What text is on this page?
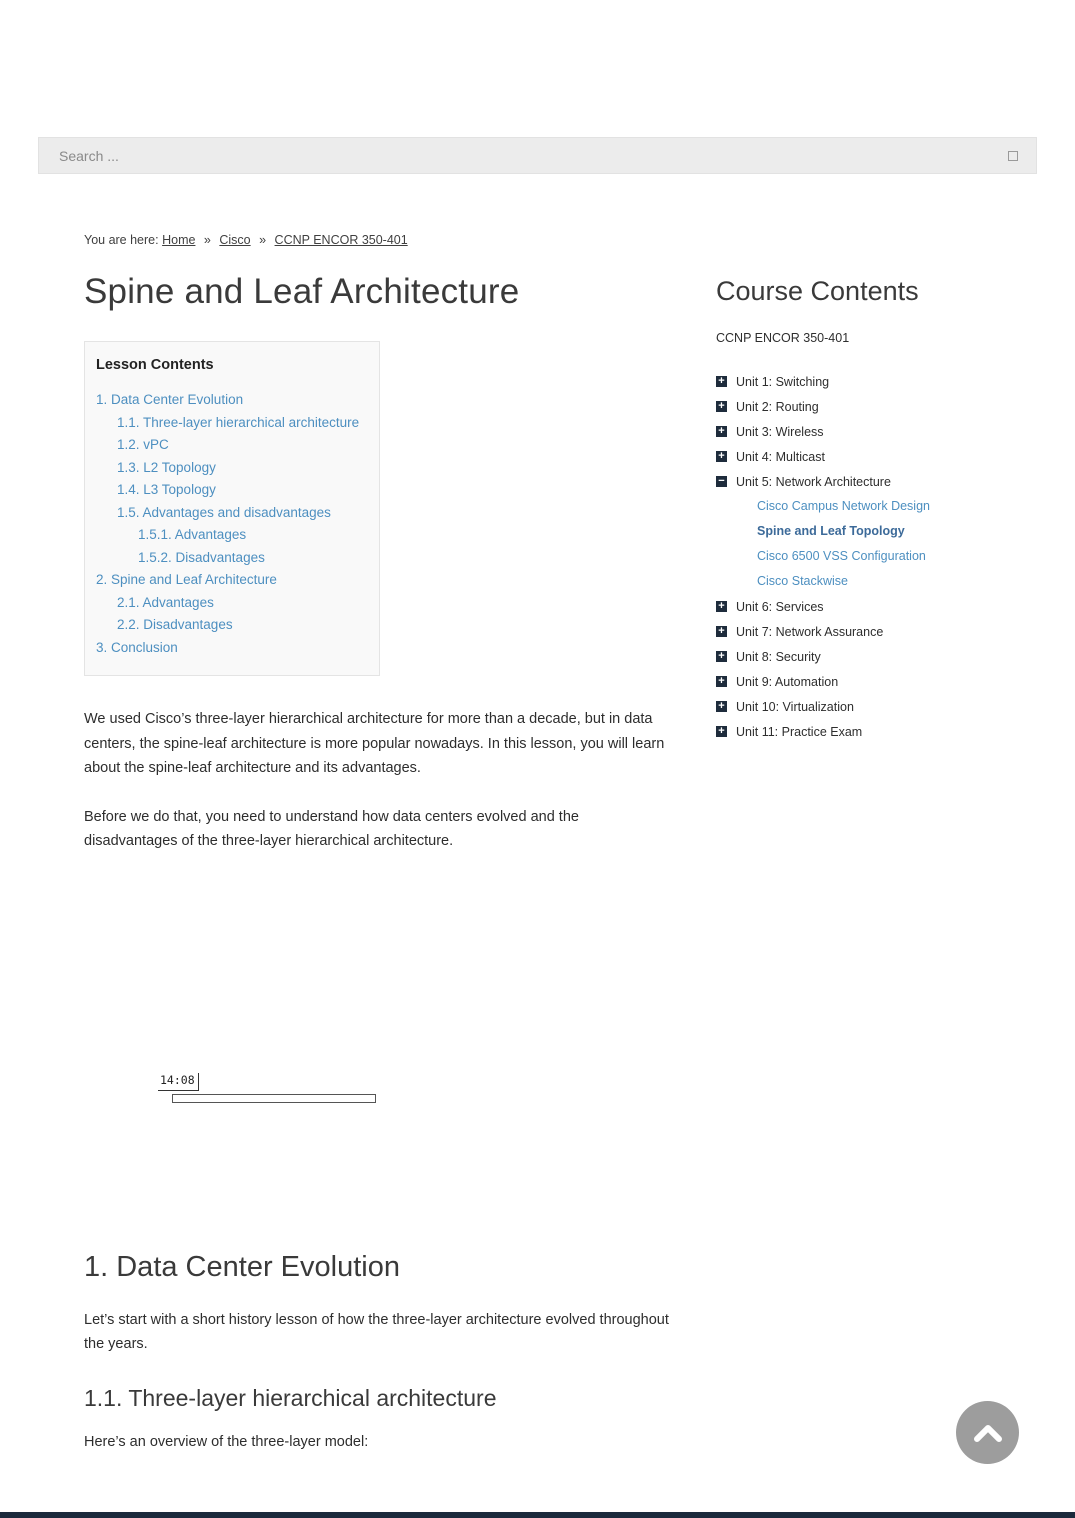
Search ...
You are here: Home » Cisco » CCNP ENCOR 350-401
Spine and Leaf Architecture
Lesson Contents
1. Data Center Evolution
1.1. Three-layer hierarchical architecture
1.2. vPC
1.3. L2 Topology
1.4. L3 Topology
1.5. Advantages and disadvantages
1.5.1. Advantages
1.5.2. Disadvantages
2. Spine and Leaf Architecture
2.1. Advantages
2.2. Disadvantages
3. Conclusion

We used Cisco’s three-layer hierarchical architecture for more than a decade, but in data centers, the spine-leaf architecture is more popular nowadays. In this lesson, you will learn about the spine-leaf architecture and its advantages.

Before we do that, you need to understand how data centers evolved and the disadvantages of the three-layer hierarchical architecture.

14:08
1. Data Center Evolution

Let’s start with a short history lesson of how the three-layer architecture evolved throughout the years.

1.1. Three-layer hierarchical architecture

Here’s an overview of the three-layer model:

Course Contents
CCNP ENCOR 350-401
+ Unit 1: Switching
+ Unit 2: Routing
+ Unit 3: Wireless
+ Unit 4: Multicast
− Unit 5: Network Architecture
Cisco Campus Network Design
Spine and Leaf Topology
Cisco 6500 VSS Configuration
Cisco Stackwise
+ Unit 6: Services
+ Unit 7: Network Assurance
+ Unit 8: Security
+ Unit 9: Automation
+ Unit 10: Virtualization
+ Unit 11: Practice Exam
